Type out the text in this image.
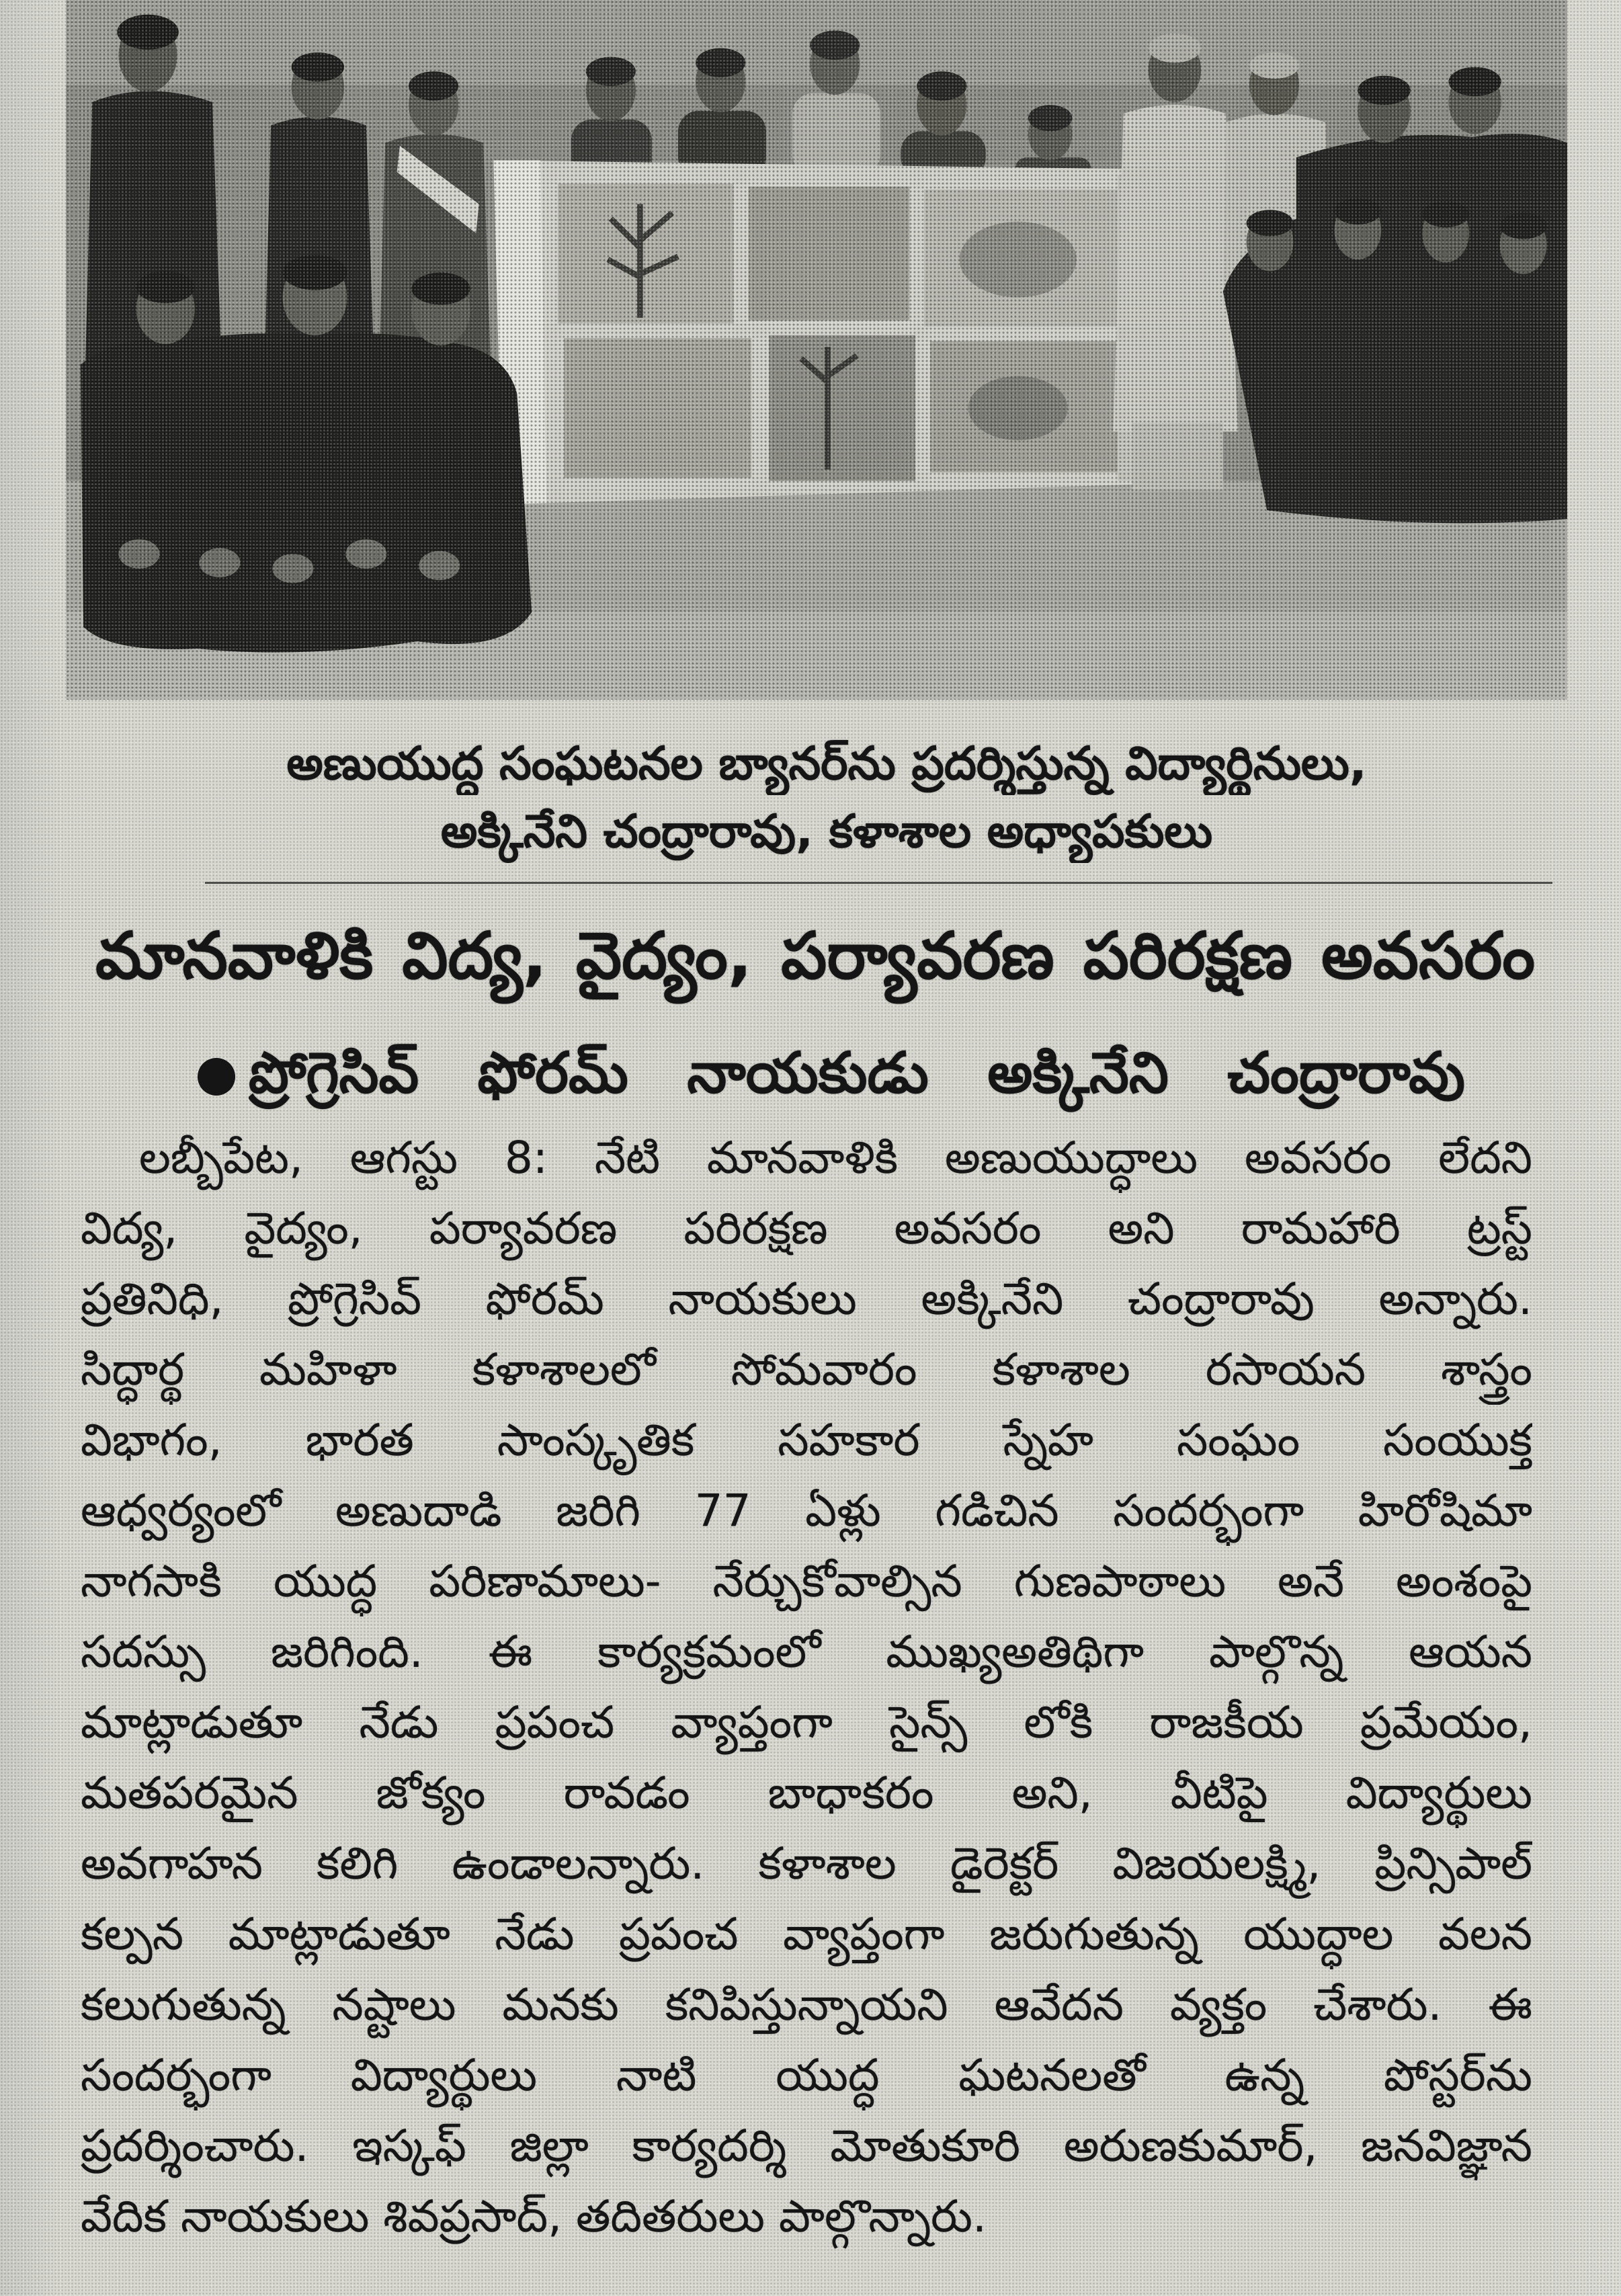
అణుయుద్ధ సంఘటనల బ్యానర్‌ను ప్రదర్శిస్తున్న విద్యార్థినులు,
అక్కినేని చంద్రారావు, కళాశాల అధ్యాపకులు
మానవాళికి విద్య, వైద్యం, పర్యావరణ పరిరక్షణ అవసరం
ప్రోగ్రెసివ్ ఫోరమ్ నాయకుడు అక్కినేని చంద్రారావు
లబ్బీపేట, ఆగస్టు 8: నేటి మానవాళికి అణుయుద్ధాలు అవసరం లేదని
విద్య, వైద్యం, పర్యావరణ పరిరక్షణ అవసరం అని రామహారి ట్రస్ట్
ప్రతినిధి, ప్రోగ్రెసివ్ ఫోరమ్ నాయకులు అక్కినేని చంద్రారావు అన్నారు.
సిద్ధార్థ మహిళా కళాశాలలో సోమవారం కళాశాల రసాయన శాస్త్రం
విభాగం, భారత సాంస్కృతిక సహకార స్నేహ సంఘం సంయుక్త
ఆధ్వర్యంలో అణుదాడి జరిగి 77 ఏళ్లు గడిచిన సందర్భంగా హిరోషిమా
నాగసాకి యుద్ధ పరిణామాలు- నేర్చుకోవాల్సిన గుణపాఠాలు అనే అంశంపై
సదస్సు జరిగింది. ఈ కార్యక్రమంలో ముఖ్యఅతిథిగా పాల్గొన్న ఆయన
మాట్లాడుతూ నేడు ప్రపంచ వ్యాప్తంగా సైన్స్ లోకి రాజకీయ ప్రమేయం,
మతపరమైన జోక్యం రావడం బాధాకరం అని, వీటిపై విద్యార్థులు
అవగాహన కలిగి ఉండాలన్నారు. కళాశాల డైరెక్టర్ విజయలక్ష్మి, ప్రిన్సిపాల్
కల్పన మాట్లాడుతూ నేడు ప్రపంచ వ్యాప్తంగా జరుగుతున్న యుద్ధాల వలన
కలుగుతున్న నష్టాలు మనకు కనిపిస్తున్నాయని ఆవేదన వ్యక్తం చేశారు. ఈ
సందర్భంగా విద్యార్థులు నాటి యుద్ధ ఘటనలతో ఉన్న పోస్టర్‌ను
ప్రదర్శించారు. ఇస్కఫ్ జిల్లా కార్యదర్శి మోతుకూరి అరుణకుమార్, జనవిజ్ఞాన
వేదిక నాయకులు శివప్రసాద్, తదితరులు పాల్గొన్నారు.
